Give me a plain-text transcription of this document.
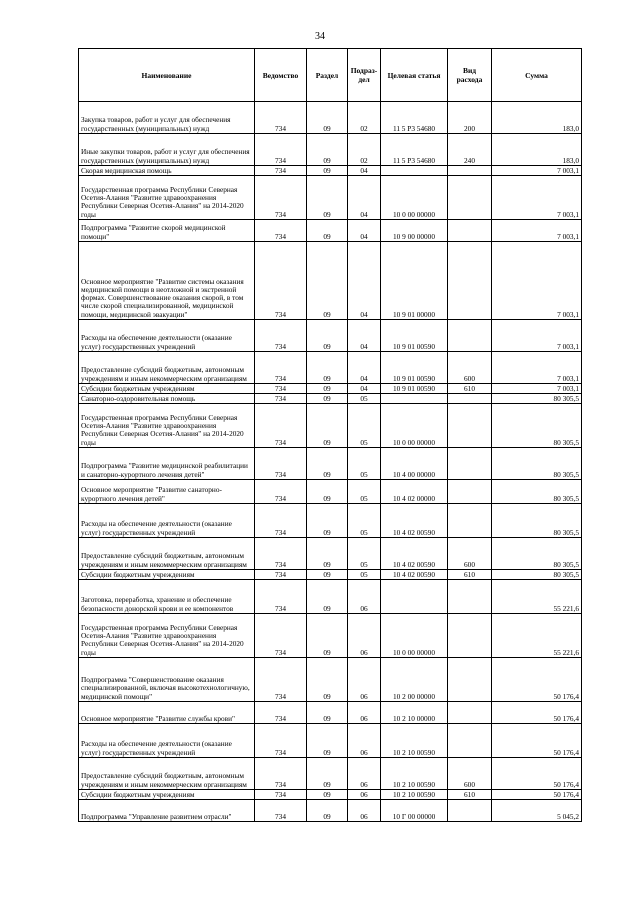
34
Наименование	Ведомство	Раздел	Подраз-дел	Целевая статья	Вид расхода	Сумма
Закупка товаров, работ и услуг для обеспечения государственных (муниципальных) нужд	734	09	02	11 5 Р3 54680	200	183,0
Иные закупки товаров, работ и услуг для обеспечения государственных (муниципальных) нужд	734	09	02	11 5 Р3 54680	240	183,0
Скорая медицинская помощь	734	09	04			7 003,1
Государственная программа Республики Северная Осетия-Алания "Развитие здравоохранения Республики Северная Осетия-Алания" на 2014-2020 годы	734	09	04	10 0 00 00000		7 003,1
Подпрограмма "Развитие скорой медицинской помощи"	734	09	04	10 9 00 00000		7 003,1
Основное мероприятие "Развитие системы оказания медицинской помощи в неотложной и экстренной формах. Совершенствование оказания скорой, в том числе скорой специализированной, медицинской помощи, медицинской эвакуации"	734	09	04	10 9 01 00000		7 003,1
Расходы на обеспечение деятельности (оказание услуг) государственных учреждений	734	09	04	10 9 01 00590		7 003,1
Предоставление субсидий бюджетным, автономным учреждениям и иным некоммерческим организациям	734	09	04	10 9 01 00590	600	7 003,1
Субсидии бюджетным учреждениям	734	09	04	10 9 01 00590	610	7 003,1
Санаторно-оздоровительная помощь	734	09	05			80 305,5
Государственная программа Республики Северная Осетия-Алания "Развитие здравоохранения Республики Северная Осетия-Алания" на 2014-2020 годы	734	09	05	10 0 00 00000		80 305,5
Подпрограмма "Развитие медицинской реабилитации и санаторно-курортного лечения детей"	734	09	05	10 4 00 00000		80 305,5
Основное мероприятие "Развитие санаторно-курортного лечения детей"	734	09	05	10 4 02 00000		80 305,5
Расходы на обеспечение деятельности (оказание услуг) государственных учреждений	734	09	05	10 4 02 00590		80 305,5
Предоставление субсидий бюджетным, автономным учреждениям и иным некоммерческим организациям	734	09	05	10 4 02 00590	600	80 305,5
Субсидии бюджетным учреждениям	734	09	05	10 4 02 00590	610	80 305,5
Заготовка, переработка, хранение и обеспечение безопасности донорской крови и ее компонентов	734	09	06			55 221,6
Государственная программа Республики Северная Осетия-Алания "Развитие здравоохранения Республики Северная Осетия-Алания" на 2014-2020 годы	734	09	06	10 0 00 00000		55 221,6
Подпрограмма "Совершенствование оказания специализированной, включая высокотехнологичную, медицинской помощи"	734	09	06	10 2 00 00000		50 176,4
Основное мероприятие "Развитие службы крови"	734	09	06	10 2 10 00000		50 176,4
Расходы на обеспечение деятельности (оказание услуг) государственных учреждений	734	09	06	10 2 10 00590		50 176,4
Предоставление субсидий бюджетным, автономным учреждениям и иным некоммерческим организациям	734	09	06	10 2 10 00590	600	50 176,4
Субсидии бюджетным учреждениям	734	09	06	10 2 10 00590	610	50 176,4
Подпрограмма "Управление развитием отрасли"	734	09	06	10 Г 00 00000		5 045,2
